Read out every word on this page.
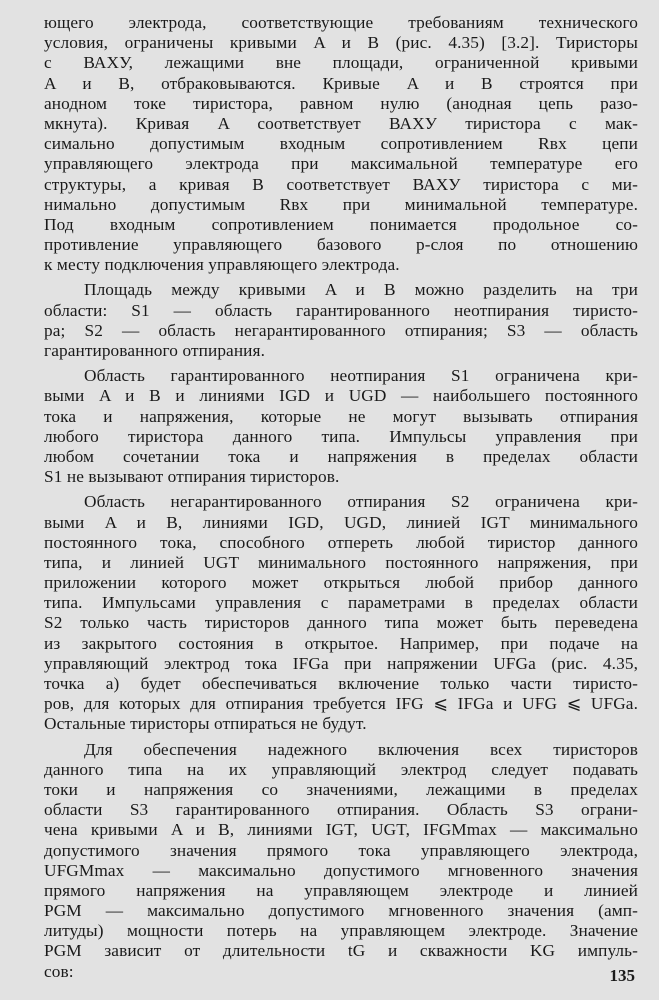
ющего электрода, соответствующие требованиям технического
условия, ограничены кривыми A и B (рис. 4.35) [3.2]. Тиристоры
с ВАХУ, лежащими вне площади, ограниченной кривыми
A и B, отбраковываются. Кривые A и B строятся при
анодном токе тиристора, равном нулю (анодная цепь разо-
мкнута). Кривая A соответствует ВАХУ тиристора с мак-
симально допустимым входным сопротивлением Rвх цепи
управляющего электрода при максимальной температуре его
структуры, а кривая B соответствует ВАХУ тиристора с ми-
нимально допустимым Rвх при минимальной температуре.
Под входным сопротивлением понимается продольное со-
противление управляющего базового p-слоя по отношению
к месту подключения управляющего электрода.
Площадь между кривыми A и B можно разделить на три
области: S1 — область гарантированного неотпирания тиристо-
ра; S2 — область негарантированного отпирания; S3 — область
гарантированного отпирания.
Область гарантированного неотпирания S1 ограничена кри-
выми A и B и линиями IGD и UGD — наибольшего постоянного
тока и напряжения, которые не могут вызывать отпирания
любого тиристора данного типа. Импульсы управления при
любом сочетании тока и напряжения в пределах области
S1 не вызывают отпирания тиристоров.
Область негарантированного отпирания S2 ограничена кри-
выми A и B, линиями IGD, UGD, линией IGT минимального
постоянного тока, способного отпереть любой тиристор данного
типа, и линией UGT минимального постоянного напряжения, при
приложении которого может открыться любой прибор данного
типа. Импульсами управления с параметрами в пределах области
S2 только часть тиристоров данного типа может быть переведена
из закрытого состояния в открытое. Например, при подаче на
управляющий электрод тока IFGa при напряжении UFGa (рис. 4.35,
точка a) будет обеспечиваться включение только части тиристо-
ров, для которых для отпирания требуется IFG ⩽ IFGa и UFG ⩽ UFGa.
Остальные тиристоры отпираться не будут.
Для обеспечения надежного включения всех тиристоров
данного типа на их управляющий электрод следует подавать
токи и напряжения со значениями, лежащими в пределах
области S3 гарантированного отпирания. Область S3 ограни-
чена кривыми A и B, линиями IGT, UGT, IFGMmax — максимально
допустимого значения прямого тока управляющего электрода,
UFGMmax — максимально допустимого мгновенного значения
прямого напряжения на управляющем электроде и линией
PGM — максимально допустимого мгновенного значения (амп-
литуды) мощности потерь на управляющем электроде. Значение
PGM зависит от длительности tG и скважности KG импуль-
сов:	135
